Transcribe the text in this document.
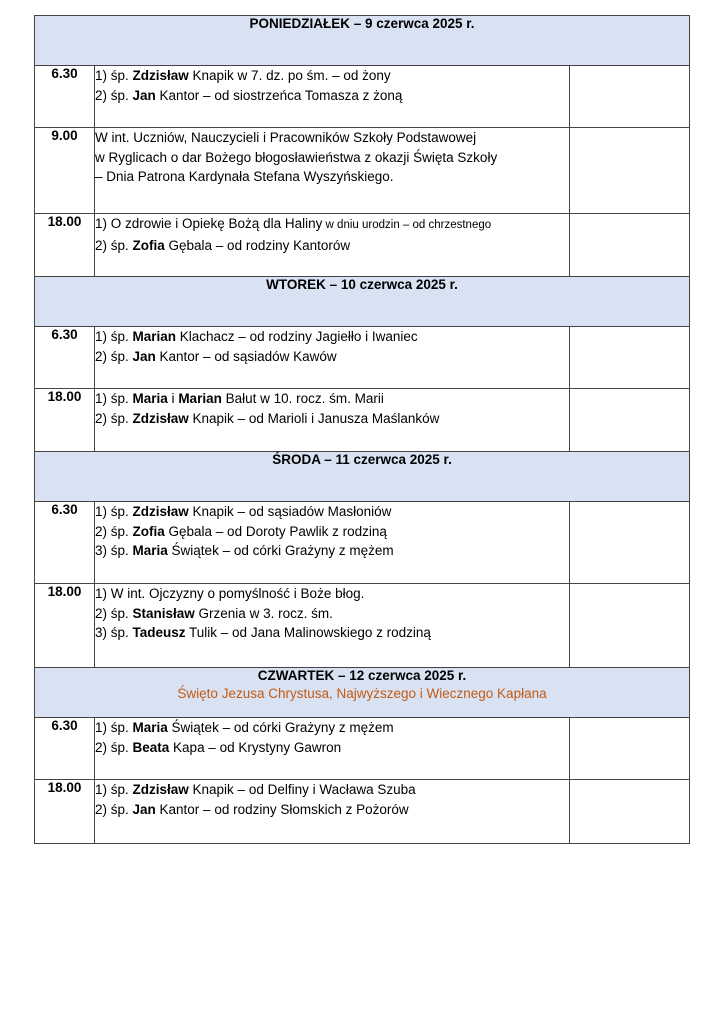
PONIEDZIAŁEK – 9 czerwca 2025 r.		
6.30	1) śp. Zdzisław Knapik w 7. dz. po śm. – od żony
2) śp. Jan Kantor – od siostrzeńca Tomasza z żoną	

9.00	W int. Uczniów, Nauczycieli i Pracowników Szkoły Podstawowej
w Ryglicach o dar Bożego błogosławieństwa z okazji Święta Szkoły
– Dnia Patrona Kardynała Stefana Wyszyńskiego.	

18.00	1) O zdrowie i Opiekę Bożą dla Haliny w dniu urodzin – od chrzestnego
2) śp. Zofia Gębala – od rodziny Kantorów	

WTOREK – 10 czerwca 2025 r.		
6.30	1) śp. Marian Klachacz – od rodziny Jagiełło i Iwaniec
2) śp. Jan Kantor – od sąsiadów Kawów	

18.00	1) śp. Maria i Marian Bałut w 10. rocz. śm. Marii
2) śp. Zdzisław Knapik – od Marioli i Janusza Maślanków	

ŚRODA – 11 czerwca 2025 r.		
6.30	1) śp. Zdzisław Knapik – od sąsiadów Masłoniów
2) śp. Zofia Gębala – od Doroty Pawlik z rodziną
3) śp. Maria Świątek – od córki Grażyny z mężem	

18.00	1) W int. Ojczyzny o pomyślność i Boże błog.
2) śp. Stanisław Grzenia w 3. rocz. śm.
3) śp. Tadeusz Tulik – od Jana Malinowskiego z rodziną	

CZWARTEK – 12 czerwca 2025 r.
Święto Jezusa Chrystusa, Najwyższego i Wiecznego Kapłana		

6.30	1) śp. Maria Świątek – od córki Grażyny z mężem
2) śp. Beata Kapa – od Krystyny Gawron	

18.00	1) śp. Zdzisław Knapik – od Delfiny i Wacława Szuba
2) śp. Jan Kantor – od rodziny Słomskich z Pożorów	
